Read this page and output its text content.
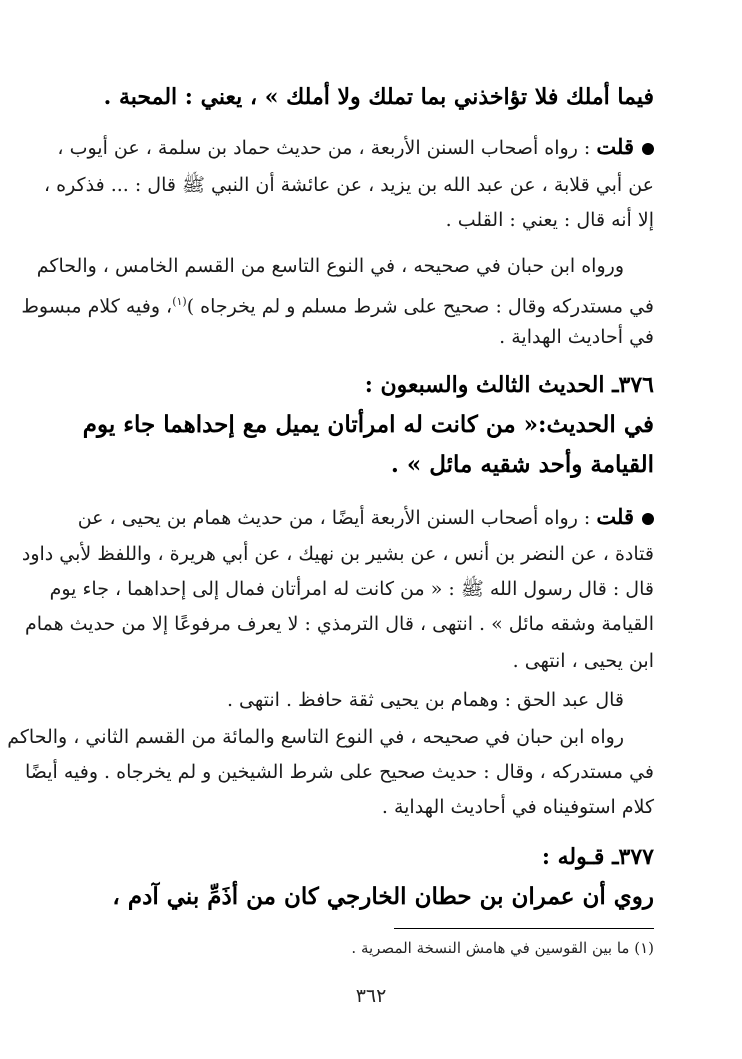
فيما أملك فلا تؤاخذني بما تملك ولا أملك » ، يعني : المحبة .
قلت : رواه أصحاب السنن الأربعة ، من حديث حماد بن سلمة ، عن أيوب ،
عن أبي قلابة ، عن عبد الله بن يزيد ، عن عائشة أن النبي ﷺ قال : ... فذكره ،
إلا أنه قال : يعني : القلب .
ورواه ابن حبان في صحيحه ، في النوع التاسع من القسم الخامس ، والحاكم
في مستدركه وقال : صحيح على شرط مسلم و لم يخرجاه )$^{(١)}$، وفيه كلام مبسوط
في أحاديث الهداية .
٣٧٦ـ الحديث الثالث والسبعون :
في الحديث:« من كانت له امرأتان يميل مع إحداهما جاء يوم
القيامة وأحد شقيه مائل » .
قلت : رواه أصحاب السنن الأربعة أيضًا ، من حديث همام بن يحيى ، عن
قتادة ، عن النضر بن أنس ، عن بشير بن نهيك ، عن أبي هريرة ، واللفظ لأبي داود
قال : قال رسول الله ﷺ : « من كانت له امرأتان فمال إلى إحداهما ، جاء يوم
القيامة وشقه مائل » . انتهى ، قال الترمذي : لا يعرف مرفوعًا إلا من حديث همام
ابن يحيى ، انتهى .
قال عبد الحق : وهمام بن يحيى ثقة حافظ . انتهى .
رواه ابن حبان في صحيحه ، في النوع التاسع والمائة من القسم الثاني ، والحاكم
في مستدركه ، وقال : حديث صحيح على شرط الشيخين و لم يخرجاه . وفيه أيضًا
كلام استوفيناه في أحاديث الهداية .
٣٧٧ـ قـوله :
روي أن عمران بن حطان الخارجي كان من أذَمِّ بني آدم ،
(١) ما بين القوسين في هامش النسخة المصرية .
٣٦٢
